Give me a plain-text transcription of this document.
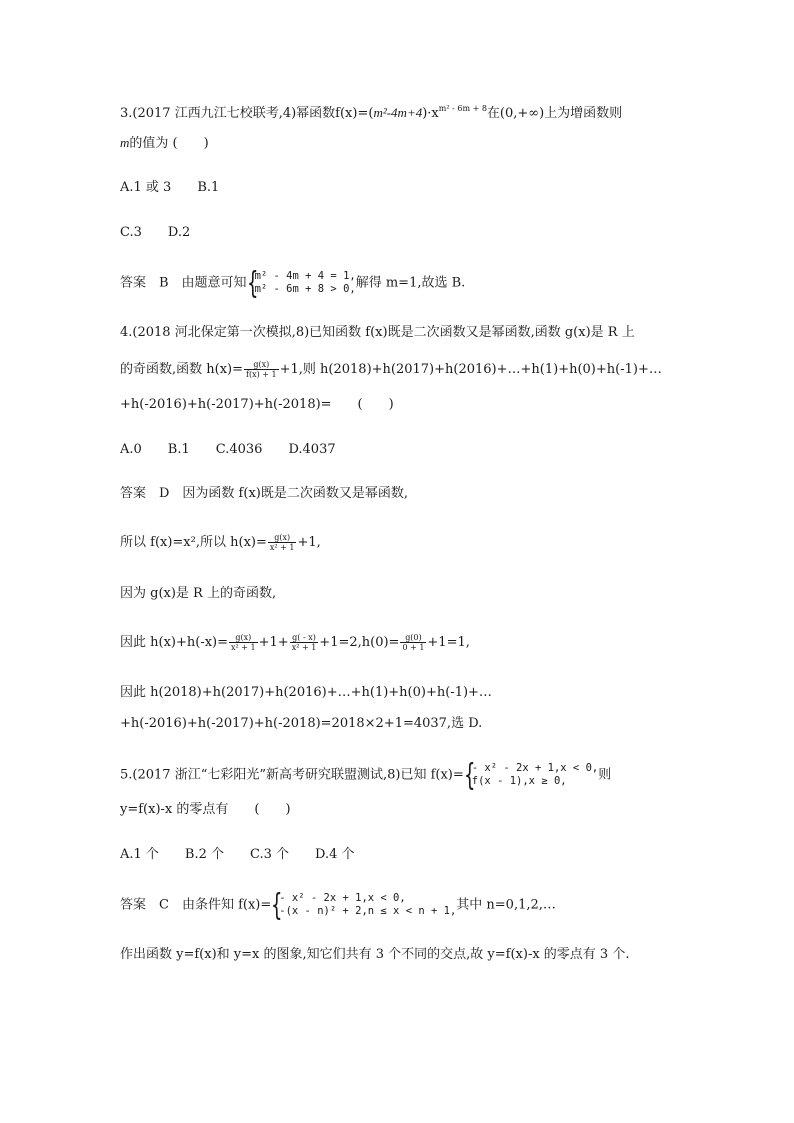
3.(2017 江西九江七校联考,4)幂函数$f(x)=(m^2-4m+4)\cdot x^{m^2 - 6m + 8}$在(0,+∞)上为增函数则
m的值为 (　　)
A.1 或 3　　 B.1
C.3　　 D.2
答案　B　由题意可知 {
m² - 4m + 4 = 1,
m² - 6m + 8 > 0, 解得 m=1,故选 B.
4.(2018 河北保定第一次模拟,8)已知函数 f(x)既是二次函数又是幂函数,函数 g(x)是 R 上
的奇函数,函数 $h(x)= \frac{g(x)}{f(x) + 1} +1$,则 h(2018)+h(2017)+h(2016)+…+h(1)+h(0)+h(-1)+…
+h(-2016)+h(-2017)+h(-2018)=　　(　　)
A.0　　B.1　　C.4036　　D.4037
答案　D　因为函数 f(x)既是二次函数又是幂函数,
所以 f(x)=x²,所以 $h(x)= \frac{g(x)}{\text{x² + 1}} +1$,
因为 g(x)是 R 上的奇函数,
因此 $h(x)+h(-x)= \frac{g(x)}{\text{x² + 1}} +1+ \frac{g( - x)}{\text{x² + 1}} +1=2,h(0)= \frac{g(0)}{0 + 1} +1=1$,
因此 h(2018)+h(2017)+h(2016)+…+h(1)+h(0)+h(-1)+…
+h(-2016)+h(-2017)+h(-2018)=2018×2+1=4037,选 D.
5.(2017 浙江“七彩阳光”新高考研究联盟测试,8)已知 f(x)= {
- x² - 2x + 1,x < 0,
f(x - 1),x ≥ 0,	则
y=f(x)-x 的零点有　　(　　)
A.1 个　　B.2 个　　C.3 个　　D.4 个
答案　C　由条件知 f(x)= {
- x² - 2x + 1,x < 0,
-(x - n)² + 2,n ≤ x < n + 1, 其中 n=0,1,2,…
作出函数 y=f(x)和 y=x 的图象,知它们共有 3 个不同的交点,故 y=f(x)-x 的零点有 3 个.
